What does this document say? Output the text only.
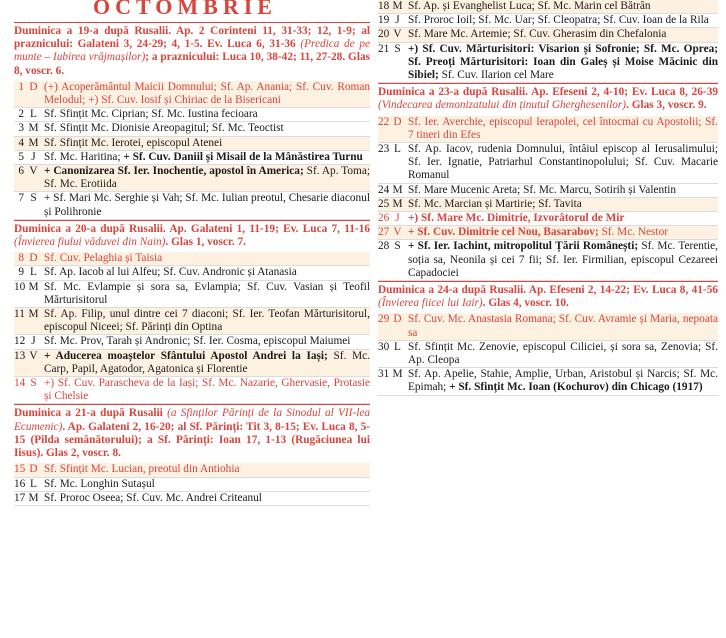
OCTOMBRIE
Duminica a 19-a după Rusalii. Ap. 2 Corinteni 11, 31-33; 12, 1-9; al praznicului: Galateni 3, 24-29; 4, 1-5. Ev. Luca 6, 31-36 (Predica de pe munte – Iubirea vrăjmașilor); a praznicului: Luca 10, 38-42; 11, 27-28. Glas 8, voscr. 6.
1 D (+) Acoperământul Maicii Domnului; Sf. Ap. Anania; Sf. Cuv. Roman Melodul; +) Sf. Cuv. Iosif și Chiriac de la Bisericani
2 L Sf. Sfințit Mc. Ciprian; Sf. Mc. Iustina fecioara
3 M Sf. Sfințit Mc. Dionisie Areopagitul; Sf. Mc. Teoctist
4 M Sf. Sfințit Mc. Ierotei, episcopul Atenei
5 J Sf. Mc. Haritina; + Sf. Cuv. Daniil și Misail de la Mânăstirea Turnu
6 V + Canonizarea Sf. Ier. Inochentie, apostol în America; Sf. Ap. Toma; Sf. Mc. Erotiida
7 S + Sf. Mari Mc. Serghie și Vah; Sf. Mc. Iulian preotul, Chesarie diaconul și Polihronie
Duminica a 20-a după Rusalii. Ap. Galateni 1, 11-19; Ev. Luca 7, 11-16 (Învierea fiului văduvei din Nain). Glas 1, voscr. 7.
8 D Sf. Cuv. Pelaghia și Taisia
9 L Sf. Ap. Iacob al lui Alfeu; Sf. Cuv. Andronic și Atanasia
10 M Sf. Mc. Evlampie și sora sa, Evlampia; Sf. Cuv. Vasian și Teofil Mărturisitorul
11 M Sf. Ap. Filip, unul dintre cei 7 diaconi; Sf. Ier. Teofan Mărturisitorul, episcopul Niceei; Sf. Părinți din Optina
12 J Sf. Mc. Prov, Tarah și Andronic; Sf. Ier. Cosma, episcopul Maiumei
13 V + Aducerea moaștelor Sfântului Apostol Andrei la Iași; Sf. Mc. Carp, Papil, Agatodor, Agatonica și Florentie
14 S +) Sf. Cuv. Parascheva de la Iași; Sf. Mc. Nazarie, Ghervasie, Protasie și Chelsie
Duminica a 21-a după Rusalii (a Sfinților Părinți de la Sinodul al VII-lea Ecumenic). Ap. Galateni 2, 16-20; al Sf. Părinți: Tit 3, 8-15; Ev. Luca 8, 5-15 (Pilda semănătorului); a Sf. Părinți: Ioan 17, 1-13 (Rugăciunea lui Iisus). Glas 2, voscr. 8.
15 D Sf. Sfințit Mc. Lucian, preotul din Antiohia
16 L Sf. Mc. Longhin Sutașul
17 M Sf. Proroc Oseea; Sf. Cuv. Mc. Andrei Criteanul
18 M Sf. Ap. și Evanghelist Luca; Sf. Mc. Marin cel Bătrân
19 J Sf. Proroc Ioil; Sf. Mc. Uar; Sf. Cleopatra; Sf. Cuv. Ioan de la Rila
20 V Sf. Mare Mc. Artemie; Sf. Cuv. Gherasim din Chefalonia
21 S +) Sf. Cuv. Mărturisitori: Visarion și Sofronie; Sf. Mc. Oprea; Sf. Preoți Mărturisitori: Ioan din Galeș și Moise Măcinic din Sibiel; Sf. Cuv. Ilarion cel Mare
Duminica a 23-a după Rusalii. Ap. Efeseni 2, 4-10; Ev. Luca 8, 26-39 (Vindecarea demonizatului din ținutul Gherghesenilor). Glas 3, voscr. 9.
22 D Sf. Ier. Averchie, episcopul Ierapolei, cel întocmai cu Apostolii; Sf. 7 tineri din Efes
23 L Sf. Ap. Iacov, rudenia Domnului, întâiul episcop al Ierusalimului; Sf. Ier. Ignatie, Patriarhul Constantinopolului; Sf. Cuv. Macarie Romanul
24 M Sf. Mare Mucenic Areta; Sf. Mc. Marcu, Sotirih și Valentin
25 M Sf. Mc. Marcian și Martirie; Sf. Tavita
26 J +) Sf. Mare Mc. Dimitrie, Izvorâtorul de Mir
27 V + Sf. Cuv. Dimitrie cel Nou, Basarabov; Sf. Mc. Nestor
28 S + Sf. Ier. Iachint, mitropolitul Țării Românești; Sf. Mc. Terentie, soția sa, Neonila și cei 7 fii; Sf. Ier. Firmilian, episcopul Cezareei Capadociei
Duminica a 24-a după Rusalii. Ap. Efeseni 2, 14-22; Ev. Luca 8, 41-56 (Învierea fiicei lui Iair). Glas 4, voscr. 10.
29 D Sf. Cuv. Mc. Anastasia Romana; Sf. Cuv. Avramie și Maria, nepoata sa
30 L Sf. Sfințit Mc. Zenovie, episcopul Ciliciei, și sora sa, Zenovia; Sf. Ap. Cleopa
31 M Sf. Ap. Apelie, Stahie, Amplie, Urban, Aristobul și Narcis; Sf. Mc. Epimah; + Sf. Sfințit Mc. Ioan (Kochurov) din Chicago (1917)
